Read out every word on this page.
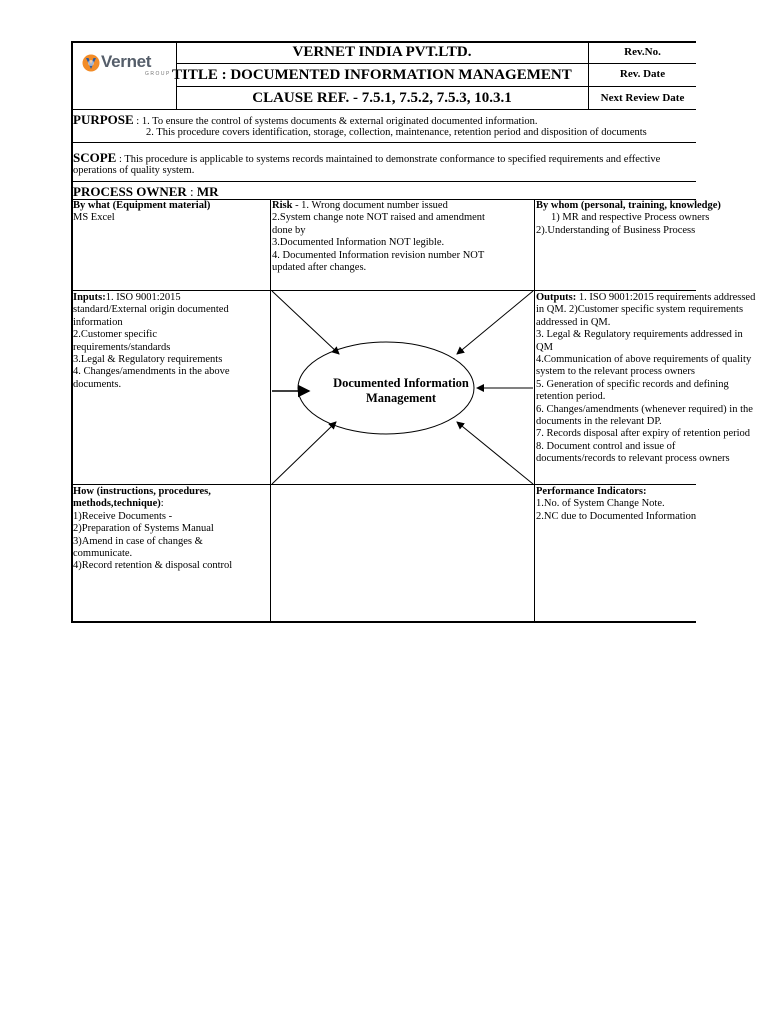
Vernet
GROUP
VERNET INDIA PVT.LTD.
TITLE : DOCUMENTED INFORMATION MANAGEMENT
CLAUSE REF. - 7.5.1, 7.5.2, 7.5.3, 10.3.1
Rev.No.
Rev. Date
Next Review Date
PURPOSE : 1. To ensure the control of systems documents & external originated documented information.
2. This procedure covers identification, storage, collection, maintenance, retention period and disposition of documents
SCOPE : This procedure is applicable to systems records maintained to demonstrate conformance to specified requirements and effective
operations of quality system.
PROCESS OWNER : MR
By what (Equipment material)
MS Excel
Risk - 1. Wrong document number issued
2.System change note NOT raised and amendment
done by
3.Documented Information NOT legible.
4. Documented Information revision number NOT
updated after changes.
By whom (personal, training, knowledge)
1) MR and respective Process owners
2).Understanding of Business Process
Inputs:1. ISO 9001:2015
standard/External origin documented
information
2.Customer specific
requirements/standards
3.Legal & Regulatory requirements
4. Changes/amendments in the above
documents.	Documented Information
Management
Outputs: 1. ISO 9001:2015 requirements addressed
in QM. 2)Customer specific system requirements
addressed in QM.
3. Legal & Regulatory requirements addressed in
QM
4.Communication of above requirements of quality
system to the relevant process owners
5. Generation of specific records and defining
retention period.
6. Changes/amendments (whenever required) in the
documents in the relevant DP.
7. Records disposal after expiry of retention period
8. Document control and issue of
documents/records to relevant process owners
How (instructions, procedures,
methods,technique):
1)Receive Documents -
2)Preparation of Systems Manual
3)Amend in case of changes &
communicate.
4)Record retention & disposal control
Performance Indicators:
1.No. of System Change Note.
2.NC due to Documented Information
